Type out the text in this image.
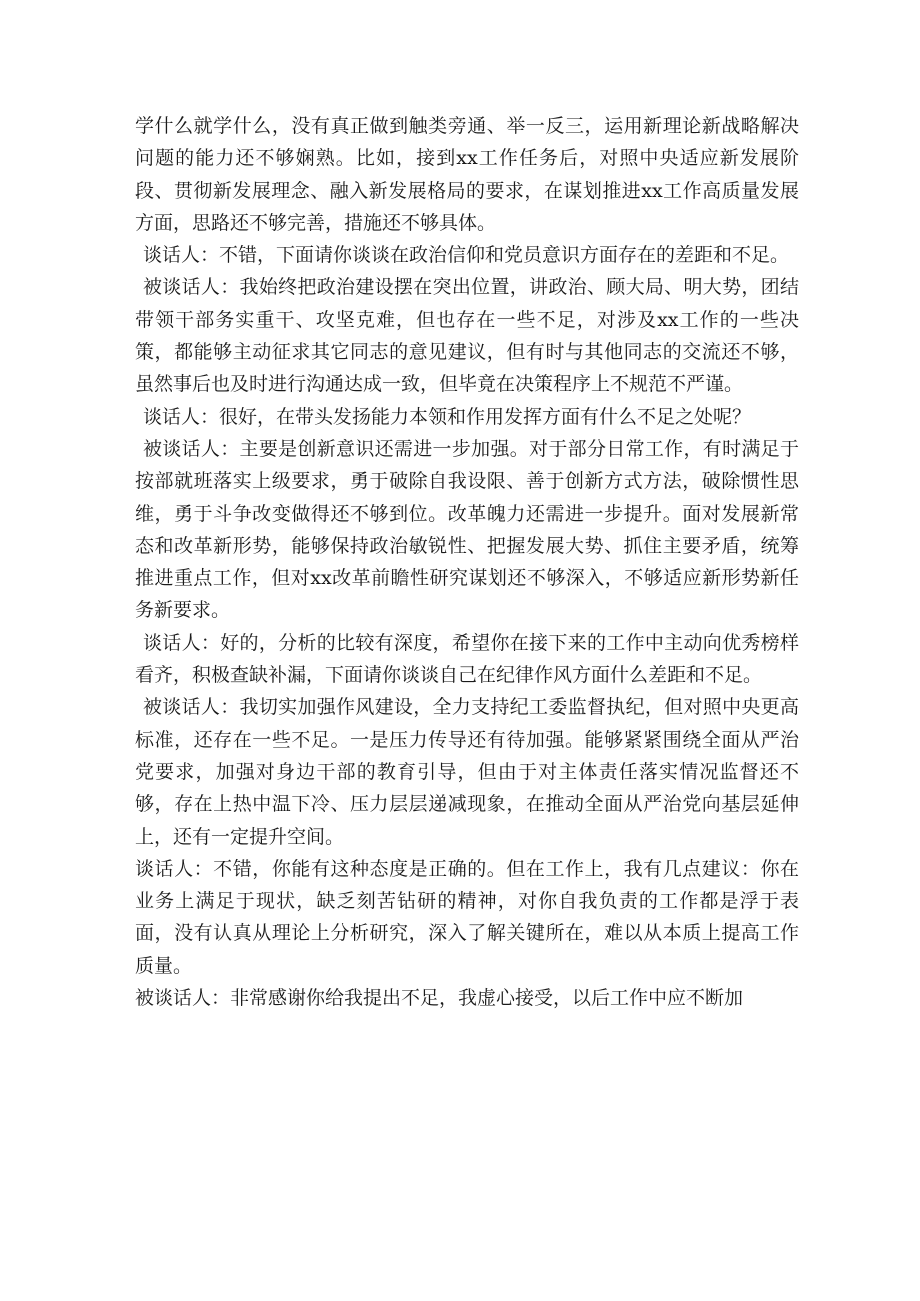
学什么就学什么，没有真正做到触类旁通、举一反三，运用新理论新战略解决问题的能力还不够娴熟。比如，接到xx工作任务后，对照中央适应新发展阶段、贯彻新发展理念、融入新发展格局的要求，在谋划推进xx工作高质量发展方面，思路还不够完善，措施还不够具体。

谈话人：不错，下面请你谈谈在政治信仰和党员意识方面存在的差距和不足。

被谈话人：我始终把政治建设摆在突出位置，讲政治、顾大局、明大势，团结带领干部务实重干、攻坚克难，但也存在一些不足，对涉及xx工作的一些决策，都能够主动征求其它同志的意见建议，但有时与其他同志的交流还不够，虽然事后也及时进行沟通达成一致，但毕竟在决策程序上不规范不严谨。

谈话人：很好，在带头发扬能力本领和作用发挥方面有什么不足之处呢？

被谈话人：主要是创新意识还需进一步加强。对于部分日常工作，有时满足于按部就班落实上级要求，勇于破除自我设限、善于创新方式方法，破除惯性思维，勇于斗争改变做得还不够到位。改革魄力还需进一步提升。面对发展新常态和改革新形势，能够保持政治敏锐性、把握发展大势、抓住主要矛盾，统筹推进重点工作，但对xx改革前瞻性研究谋划还不够深入，不够适应新形势新任务新要求。

谈话人：好的，分析的比较有深度，希望你在接下来的工作中主动向优秀榜样看齐，积极查缺补漏，下面请你谈谈自己在纪律作风方面什么差距和不足。

被谈话人：我切实加强作风建设，全力支持纪工委监督执纪，但对照中央更高标准，还存在一些不足。一是压力传导还有待加强。能够紧紧围绕全面从严治党要求，加强对身边干部的教育引导，但由于对主体责任落实情况监督还不够，存在上热中温下冷、压力层层递减现象，在推动全面从严治党向基层延伸上，还有一定提升空间。

谈话人：不错，你能有这种态度是正确的。但在工作上，我有几点建议：你在业务上满足于现状，缺乏刻苦钻研的精神，对你自我负责的工作都是浮于表面，没有认真从理论上分析研究，深入了解关键所在，难以从本质上提高工作质量。

被谈话人：非常感谢你给我提出不足，我虚心接受，以后工作中应不断加
